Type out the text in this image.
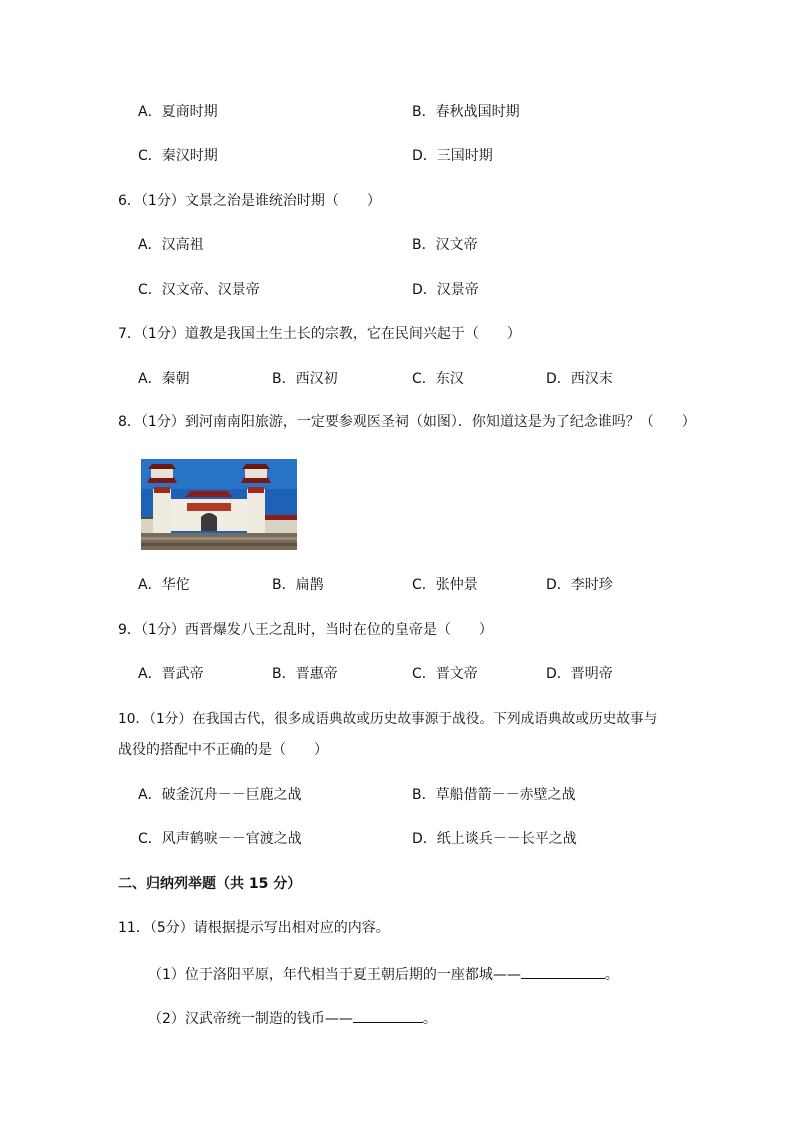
A．夏商时期	B．春秋战国时期
C．秦汉时期	D．三国时期
6．（1分）文景之治是谁统治时期（　　）
A．汉高祖	B．汉文帝
C．汉文帝、汉景帝	D．汉景帝
7．（1分）道教是我国土生土长的宗教，它在民间兴起于（　　）
A．秦朝	B．西汉初	C．东汉	D．西汉末
8．（1分）到河南南阳旅游，一定要参观医圣祠（如图）．你知道这是为了纪念谁吗？（　　）
A．华佗	B．扁鹊	C．张仲景	D．李时珍
9．（1分）西晋爆发八王之乱时，当时在位的皇帝是（　　）
A．晋武帝	B．晋惠帝	C．晋文帝	D．晋明帝
10．（1分）在我国古代，很多成语典故或历史故事源于战役。下列成语典故或历史故事与
战役的搭配中不正确的是（　　）
A．破釜沉舟－－巨鹿之战	B．草船借箭－－赤壁之战
C．风声鹤唳－－官渡之战	D．纸上谈兵－－长平之战
二、归纳列举题（共 15 分）
11．（5分）请根据提示写出相对应的内容。
（1）位于洛阳平原，年代相当于夏王朝后期的一座都城——	。
（2）汉武帝统一制造的钱币——	。
